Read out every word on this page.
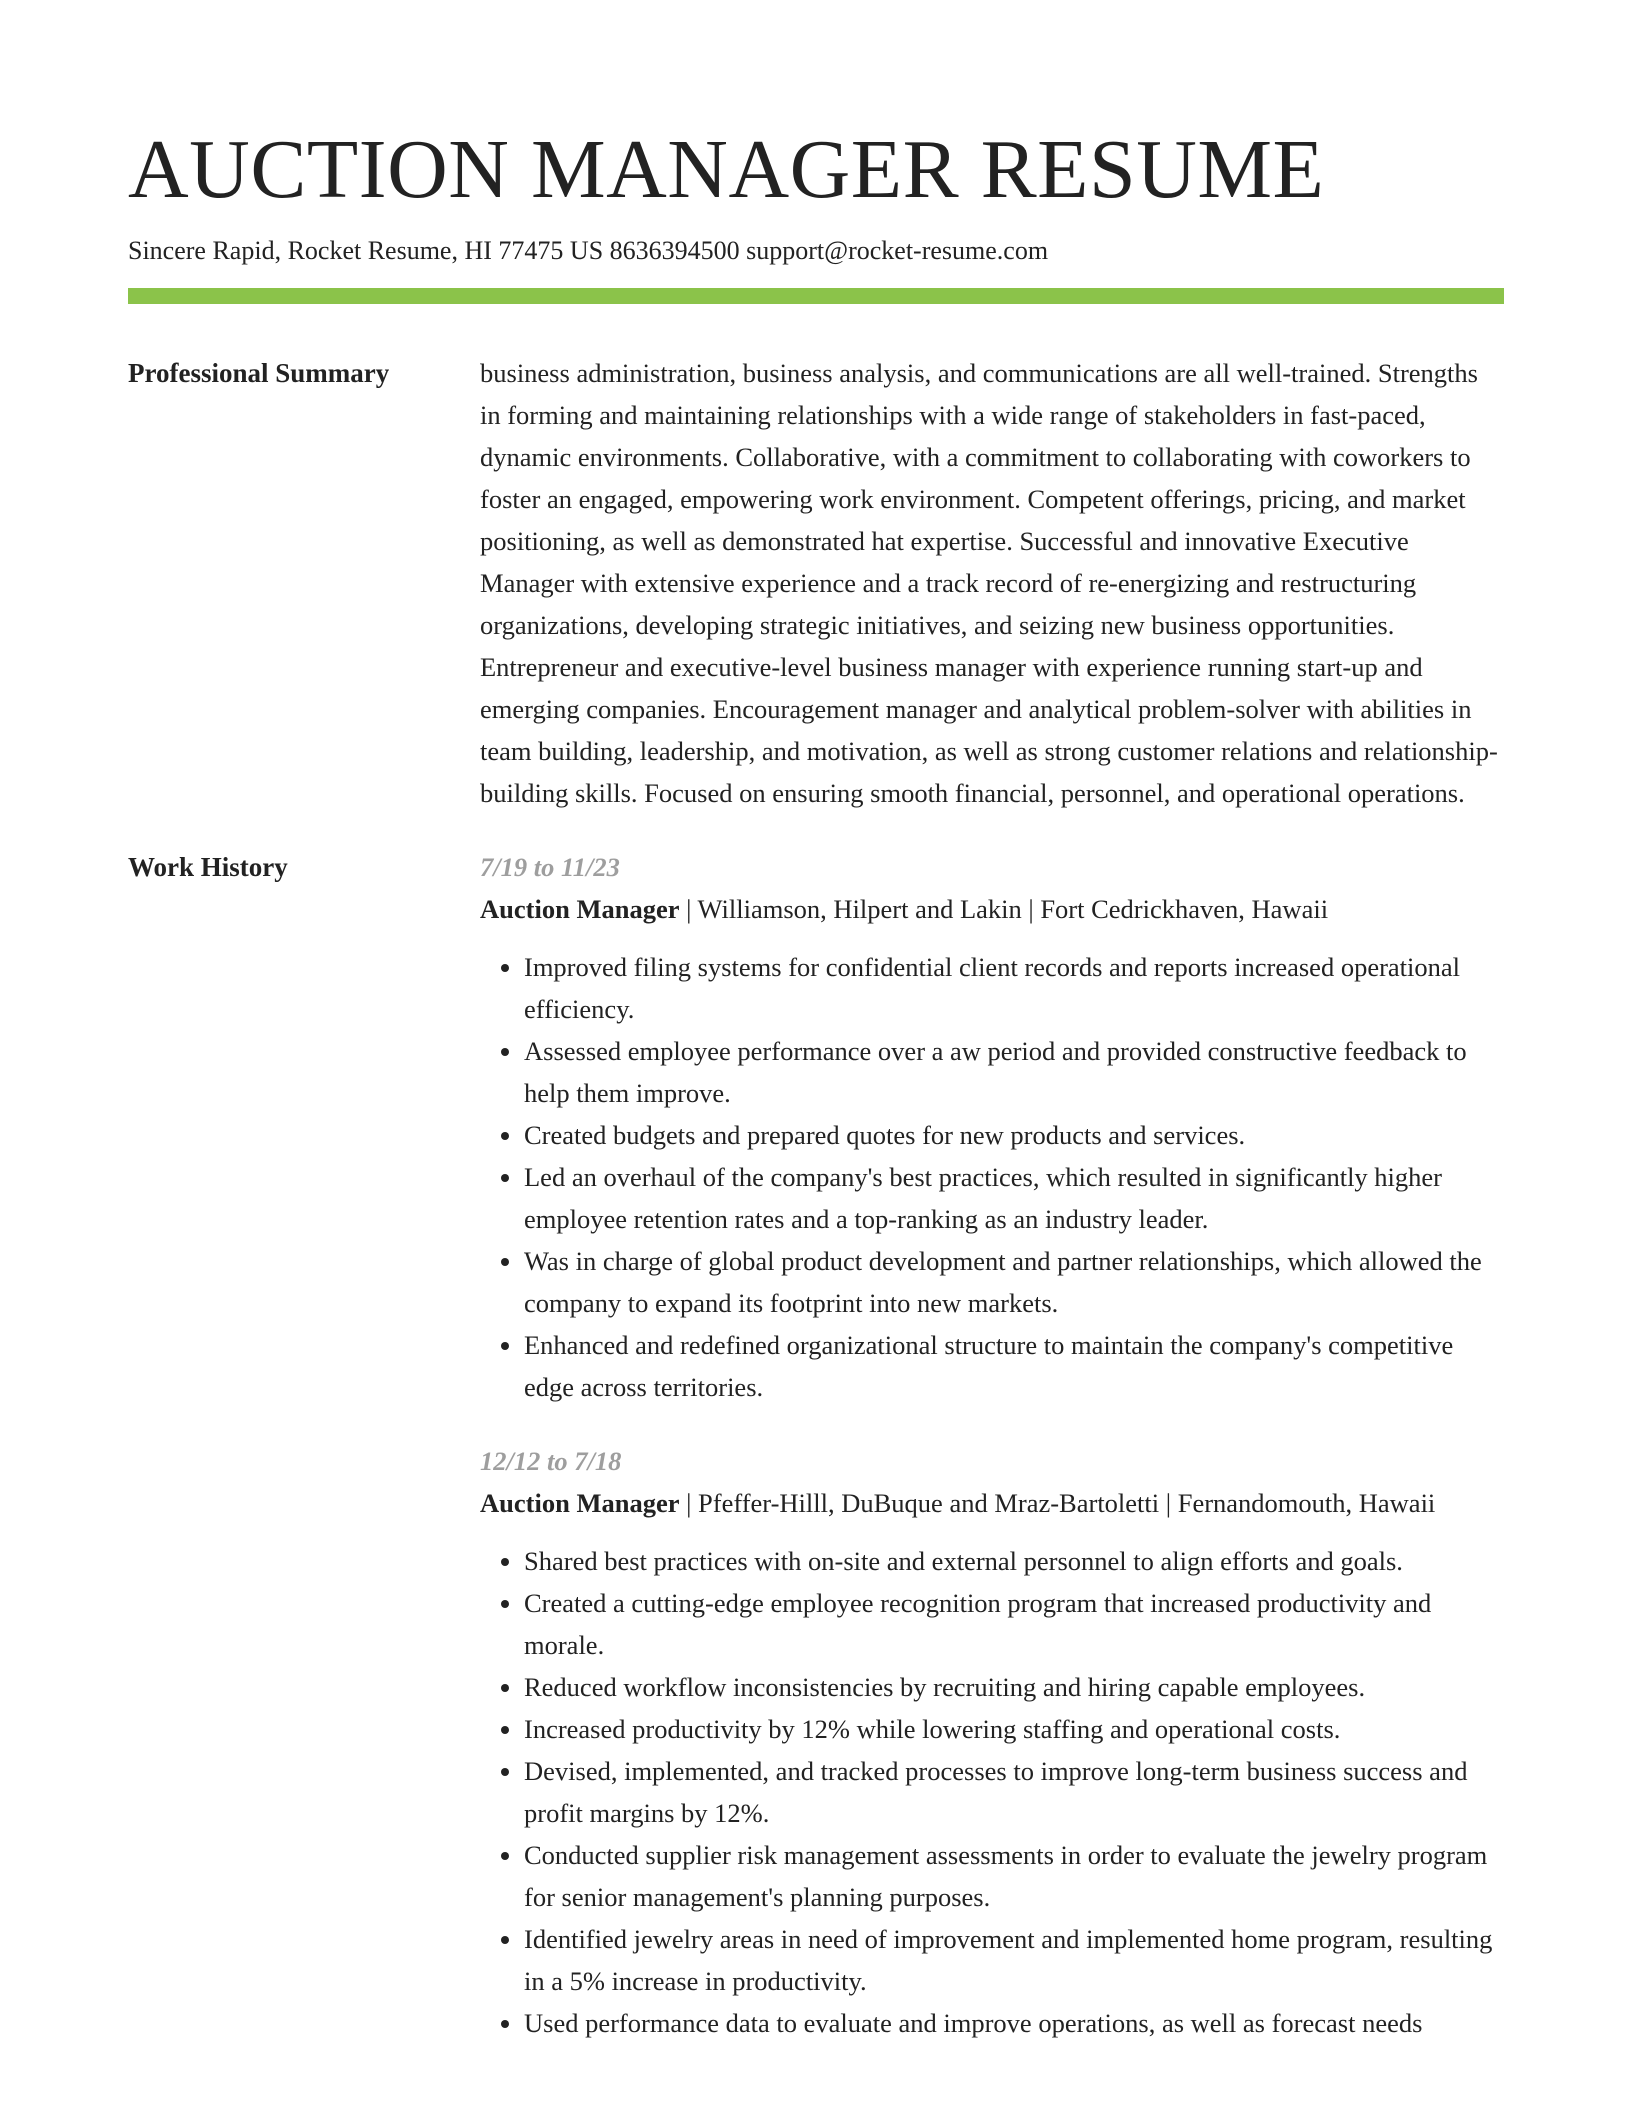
AUCTION MANAGER RESUME
Sincere Rapid, Rocket Resume, HI 77475 US 8636394500 support@rocket-resume.com
Professional Summary	business administration, business analysis, and communications are all well-trained. Strengths in forming and maintaining relationships with a wide range of stakeholders in fast-paced, dynamic environments. Collaborative, with a commitment to collaborating with coworkers to foster an engaged, empowering work environment. Competent offerings, pricing, and market positioning, as well as demonstrated hat expertise. Successful and innovative Executive Manager with extensive experience and a track record of re-energizing and restructuring organizations, developing strategic initiatives, and seizing new business opportunities. Entrepreneur and executive-level business manager with experience running start-up and emerging companies. Encouragement manager and analytical problem-solver with abilities in team building, leadership, and motivation, as well as strong customer relations and relationship-building skills. Focused on ensuring smooth financial, personnel, and operational operations.

Work History	7/19 to 11/23
Auction Manager | Williamson, Hilpert and Lakin | Fort Cedrickhaven, Hawaii
• Improved filing systems for confidential client records and reports increased operational efficiency.
• Assessed employee performance over a aw period and provided constructive feedback to help them improve.
• Created budgets and prepared quotes for new products and services.
• Led an overhaul of the company's best practices, which resulted in significantly higher employee retention rates and a top-ranking as an industry leader.
• Was in charge of global product development and partner relationships, which allowed the company to expand its footprint into new markets.
• Enhanced and redefined organizational structure to maintain the company's competitive edge across territories.
12/12 to 7/18
Auction Manager | Pfeffer-Hilll, DuBuque and Mraz-Bartoletti | Fernandomouth, Hawaii
• Shared best practices with on-site and external personnel to align efforts and goals.
• Created a cutting-edge employee recognition program that increased productivity and morale.
• Reduced workflow inconsistencies by recruiting and hiring capable employees.
• Increased productivity by 12% while lowering staffing and operational costs.
• Devised, implemented, and tracked processes to improve long-term business success and profit margins by 12%.
• Conducted supplier risk management assessments in order to evaluate the jewelry program for senior management's planning purposes.
• Identified jewelry areas in need of improvement and implemented home program, resulting in a 5% increase in productivity.
• Used performance data to evaluate and improve operations, as well as forecast needs
